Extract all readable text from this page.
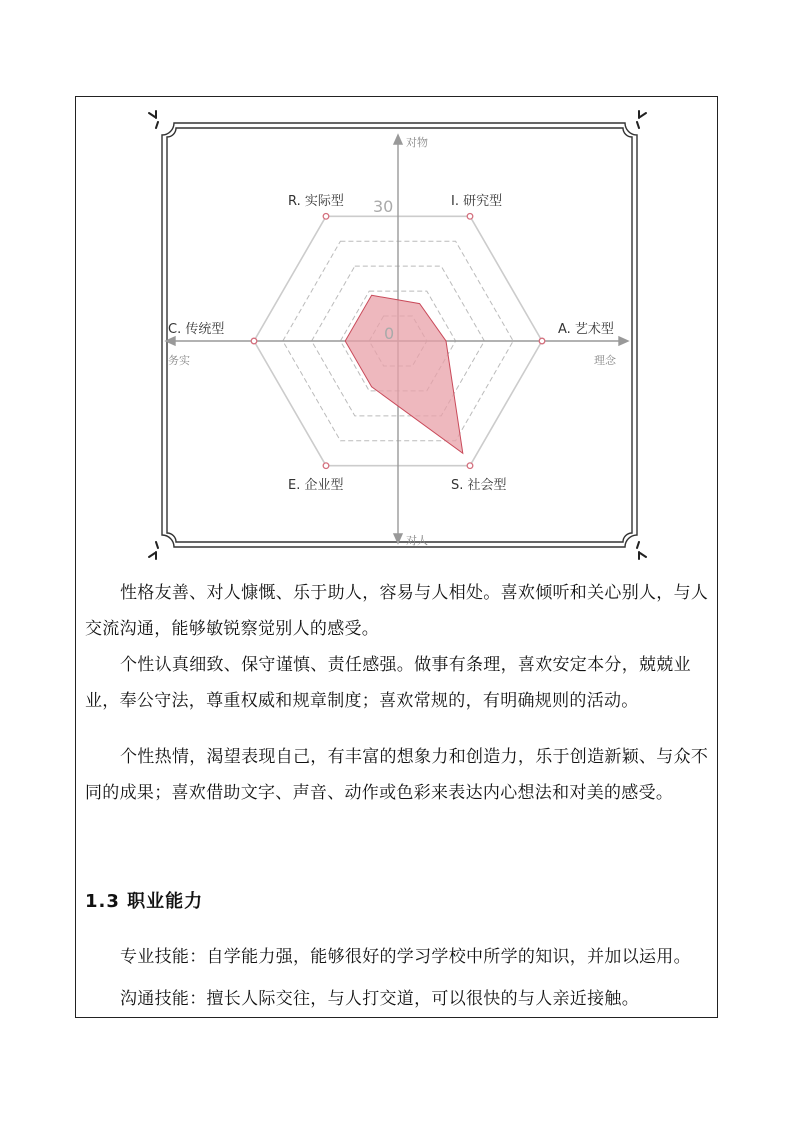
对物
对人
务实	理念
30
0
R. 实际型	I. 研究型
A. 艺术型
S. 社会型
E. 企业型
C. 传统型

性格友善、对人慷慨、乐于助人，容易与人相处。喜欢倾听和关心别人，与人交流沟通，能够敏锐察觉别人的感受。

个性认真细致、保守谨慎、责任感强。做事有条理，喜欢安定本分，兢兢业业，奉公守法，尊重权威和规章制度；喜欢常规的，有明确规则的活动。

个性热情，渴望表现自己，有丰富的想象力和创造力，乐于创造新颖、与众不同的成果；喜欢借助文字、声音、动作或色彩来表达内心想法和对美的感受。

1.3 职业能力

专业技能：自学能力强，能够很好的学习学校中所学的知识，并加以运用。

沟通技能：擅长人际交往，与人打交道，可以很快的与人亲近接触。
